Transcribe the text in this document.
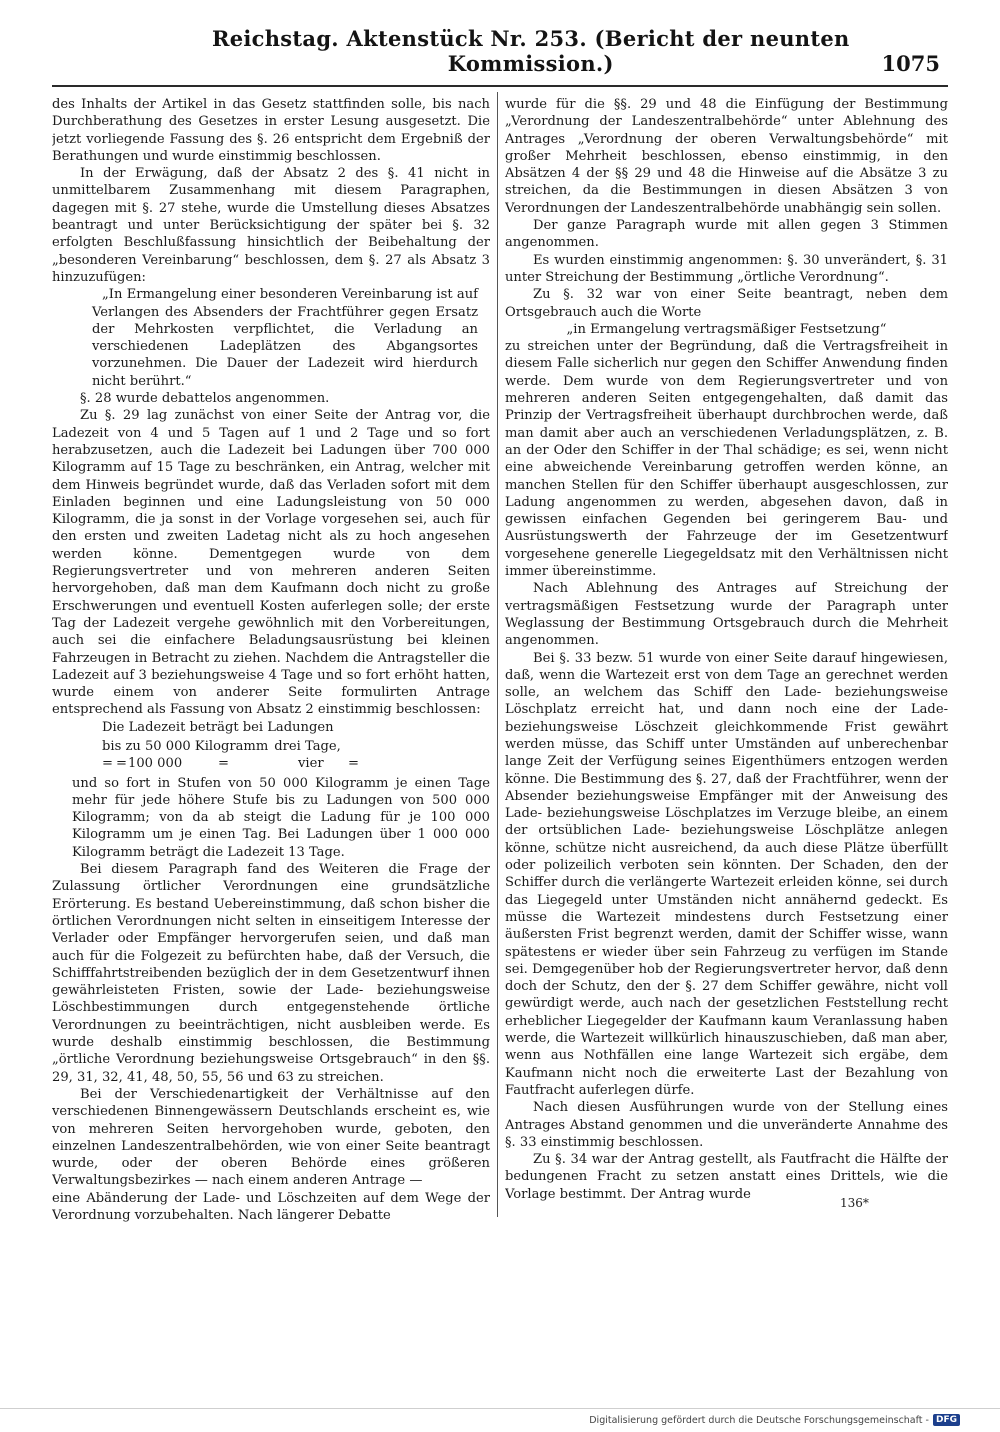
Reichstag. Aktenstück Nr. 253. (Bericht der neunten Kommission.)	1075

des Inhalts der Artikel in das Gesetz stattfinden solle, bis nach Durchberathung des Gesetzes in erster Lesung ausgesetzt. Die jetzt vorliegende Fassung des §. 26 entspricht dem Ergebniß der Berathungen und wurde einstimmig beschlossen.

In der Erwägung, daß der Absatz 2 des §. 41 nicht in unmittelbarem Zusammenhang mit diesem Paragraphen, dagegen mit §. 27 stehe, wurde die Umstellung dieses Absatzes beantragt und unter Berücksichtigung der später bei §. 32 erfolgten Beschlußfassung hinsichtlich der Beibehaltung der „besonderen Vereinbarung“ beschlossen, dem §. 27 als Absatz 3 hinzuzufügen:

„In Ermangelung einer besonderen Vereinbarung ist auf Verlangen des Absenders der Frachtführer gegen Ersatz der Mehrkosten verpflichtet, die Verladung an verschiedenen Ladeplätzen des Abgangsortes vorzunehmen. Die Dauer der Ladezeit wird hierdurch nicht berührt.“

§. 28 wurde debattelos angenommen.

Zu §. 29 lag zunächst von einer Seite der Antrag vor, die Ladezeit von 4 und 5 Tagen auf 1 und 2 Tage und so fort herabzusetzen, auch die Ladezeit bei Ladungen über 700 000 Kilogramm auf 15 Tage zu beschränken, ein Antrag, welcher mit dem Hinweis begründet wurde, daß das Verladen sofort mit dem Einladen beginnen und eine Ladungsleistung von 50 000 Kilogramm, die ja sonst in der Vorlage vorgesehen sei, auch für den ersten und zweiten Ladetag nicht als zu hoch angesehen werden könne. Dementgegen wurde von dem Regierungsvertreter und von mehreren anderen Seiten hervorgehoben, daß man dem Kaufmann doch nicht zu große Erschwerungen und eventuell Kosten auferlegen solle; der erste Tag der Ladezeit vergehe gewöhnlich mit den Vorbereitungen, auch sei die einfachere Beladungsausrüstung bei kleinen Fahrzeugen in Betracht zu ziehen. Nachdem die Antragsteller die Ladezeit auf 3 beziehungsweise 4 Tage und so fort erhöht hatten, wurde einem von anderer Seite formulirten Antrage entsprechend als Fassung von Absatz 2 einstimmig beschlossen:

Die Ladezeit beträgt bei Ladungen

bis zu 50 000 Kilogramm drei Tage,
= = 100 000	=	vier	=

und so fort in Stufen von 50 000 Kilogramm je einen Tage mehr für jede höhere Stufe bis zu Ladungen von 500 000 Kilogramm; von da ab steigt die Ladung für je 100 000 Kilogramm um je einen Tag. Bei Ladungen über 1 000 000 Kilogramm beträgt die Ladezeit 13 Tage.

Bei diesem Paragraph fand des Weiteren die Frage der Zulassung örtlicher Verordnungen eine grundsätzliche Erörterung. Es bestand Uebereinstimmung, daß schon bisher die örtlichen Verordnungen nicht selten in einseitigem Interesse der Verlader oder Empfänger hervorgerufen seien, und daß man auch für die Folgezeit zu befürchten habe, daß der Versuch, die Schifffahrtstreibenden bezüglich der in dem Gesetzentwurf ihnen gewährleisteten Fristen, sowie der Lade- beziehungsweise Löschbestimmungen durch entgegenstehende örtliche Verordnungen zu beeinträchtigen, nicht ausbleiben werde. Es wurde deshalb einstimmig beschlossen, die Bestimmung „örtliche Verordnung beziehungsweise Ortsgebrauch“ in den §§. 29, 31, 32, 41, 48, 50, 55, 56 und 63 zu streichen.

Bei der Verschiedenartigkeit der Verhältnisse auf den verschiedenen Binnengewässern Deutschlands erscheint es, wie von mehreren Seiten hervorgehoben wurde, geboten, den einzelnen Landeszentralbehörden, wie von einer Seite beantragt wurde, oder der oberen Behörde eines größeren Verwaltungsbezirkes — nach einem anderen Antrage —

eine Abänderung der Lade- und Löschzeiten auf dem Wege der Verordnung vorzubehalten. Nach längerer Debatte

wurde für die §§. 29 und 48 die Einfügung der Bestimmung „Verordnung der Landeszentralbehörde“ unter Ablehnung des Antrages „Verordnung der oberen Verwaltungsbehörde“ mit großer Mehrheit beschlossen, ebenso einstimmig, in den Absätzen 4 der §§ 29 und 48 die Hinweise auf die Absätze 3 zu streichen, da die Bestimmungen in diesen Absätzen 3 von Verordnungen der Landeszentralbehörde unabhängig sein sollen.

Der ganze Paragraph wurde mit allen gegen 3 Stimmen angenommen.

Es wurden einstimmig angenommen: §. 30 unverändert, §. 31 unter Streichung der Bestimmung „örtliche Verordnung“.

Zu §. 32 war von einer Seite beantragt, neben dem Ortsgebrauch auch die Worte

„in Ermangelung vertragsmäßiger Festsetzung“

zu streichen unter der Begründung, daß die Vertragsfreiheit in diesem Falle sicherlich nur gegen den Schiffer Anwendung finden werde. Dem wurde von dem Regierungsvertreter und von mehreren anderen Seiten entgegengehalten, daß damit das Prinzip der Vertragsfreiheit überhaupt durchbrochen werde, daß man damit aber auch an verschiedenen Verladungsplätzen, z. B. an der Oder den Schiffer in der Thal schädige; es sei, wenn nicht eine abweichende Vereinbarung getroffen werden könne, an manchen Stellen für den Schiffer überhaupt ausgeschlossen, zur Ladung angenommen zu werden, abgesehen davon, daß in gewissen einfachen Gegenden bei geringerem Bau- und Ausrüstungswerth der Fahrzeuge der im Gesetzentwurf vorgesehene generelle Liegegeldsatz mit den Verhältnissen nicht immer übereinstimme.

Nach Ablehnung des Antrages auf Streichung der vertragsmäßigen Festsetzung wurde der Paragraph unter Weglassung der Bestimmung Ortsgebrauch durch die Mehrheit angenommen.

Bei §. 33 bezw. 51 wurde von einer Seite darauf hingewiesen, daß, wenn die Wartezeit erst von dem Tage an gerechnet werden solle, an welchem das Schiff den Lade- beziehungsweise Löschplatz erreicht hat, und dann noch eine der Lade- beziehungsweise Löschzeit gleichkommende Frist gewährt werden müsse, das Schiff unter Umständen auf unberechenbar lange Zeit der Verfügung seines Eigenthümers entzogen werden könne. Die Bestimmung des §. 27, daß der Frachtführer, wenn der Absender beziehungsweise Empfänger mit der Anweisung des Lade- beziehungsweise Löschplatzes im Verzuge bleibe, an einem der ortsüblichen Lade- beziehungsweise Löschplätze anlegen könne, schütze nicht ausreichend, da auch diese Plätze überfüllt oder polizeilich verboten sein könnten. Der Schaden, den der Schiffer durch die verlängerte Wartezeit erleiden könne, sei durch das Liegegeld unter Umständen nicht annähernd gedeckt. Es müsse die Wartezeit mindestens durch Festsetzung einer äußersten Frist begrenzt werden, damit der Schiffer wisse, wann spätestens er wieder über sein Fahrzeug zu verfügen im Stande sei. Demgegenüber hob der Regierungsvertreter hervor, daß denn doch der Schutz, den der §. 27 dem Schiffer gewähre, nicht voll gewürdigt werde, auch nach der gesetzlichen Feststellung recht erheblicher Liegegelder der Kaufmann kaum Veranlassung haben werde, die Wartezeit willkürlich hinauszuschieben, daß man aber, wenn aus Nothfällen eine lange Wartezeit sich ergäbe, dem Kaufmann nicht noch die erweiterte Last der Bezahlung von Fautfracht auferlegen dürfe.

Nach diesen Ausführungen wurde von der Stellung eines Antrages Abstand genommen und die unveränderte Annahme des §. 33 einstimmig beschlossen.

Zu §. 34 war der Antrag gestellt, als Fautfracht die Hälfte der bedungenen Fracht zu setzen anstatt eines Drittels, wie die Vorlage bestimmt. Der Antrag wurde

136*
Digitalisierung gefördert durch die Deutsche Forschungsgemeinschaft - DFG
